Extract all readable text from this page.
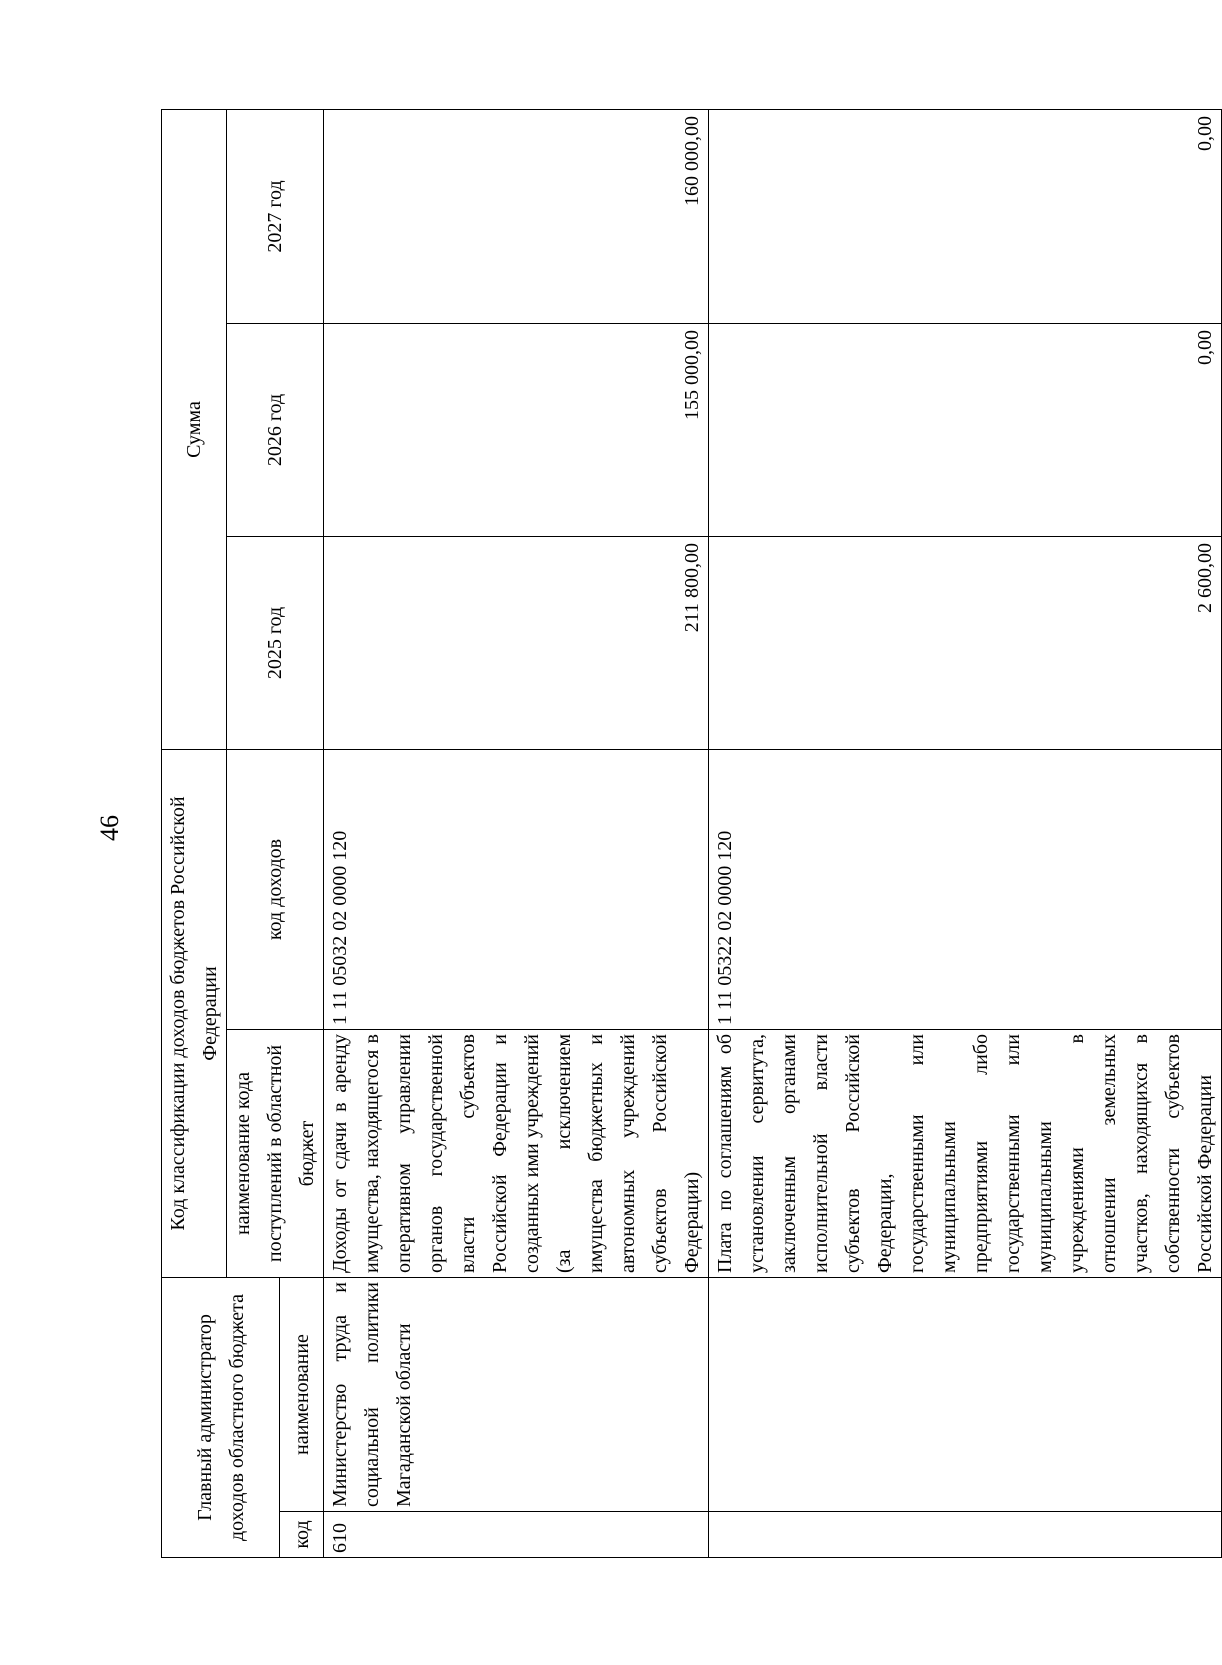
46
Главный администратор доходов областного бюджета		Код классификации доходов бюджетов Российской Федерации		Сумма		
		наименование кода поступлений в областной бюджет	код доходов	2025 год	2026 год	2027 год
код	наименование					
610	Министерство труда и социальной политики Магаданской области	Доходы от сдачи в аренду имущества, находящегося в оперативном управлении органов государственной власти субъектов Российской Федерации и созданных ими учреждений (за исключением имущества бюджетных и автономных учреждений субъектов Российской Федерации)	1 11 05032 02 0000 120	211 800,00	155 000,00	160 000,00
		Плата по соглашениям об установлении сервитута, заключенным органами исполнительной власти субъектов Российской Федерации, государственными или муниципальными предприятиями либо государственными или муниципальными учреждениями в отношении земельных участков, находящихся в собственности субъектов Российской Федерации	1 11 05322 02 0000 120	2 600,00	0,00	0,00
